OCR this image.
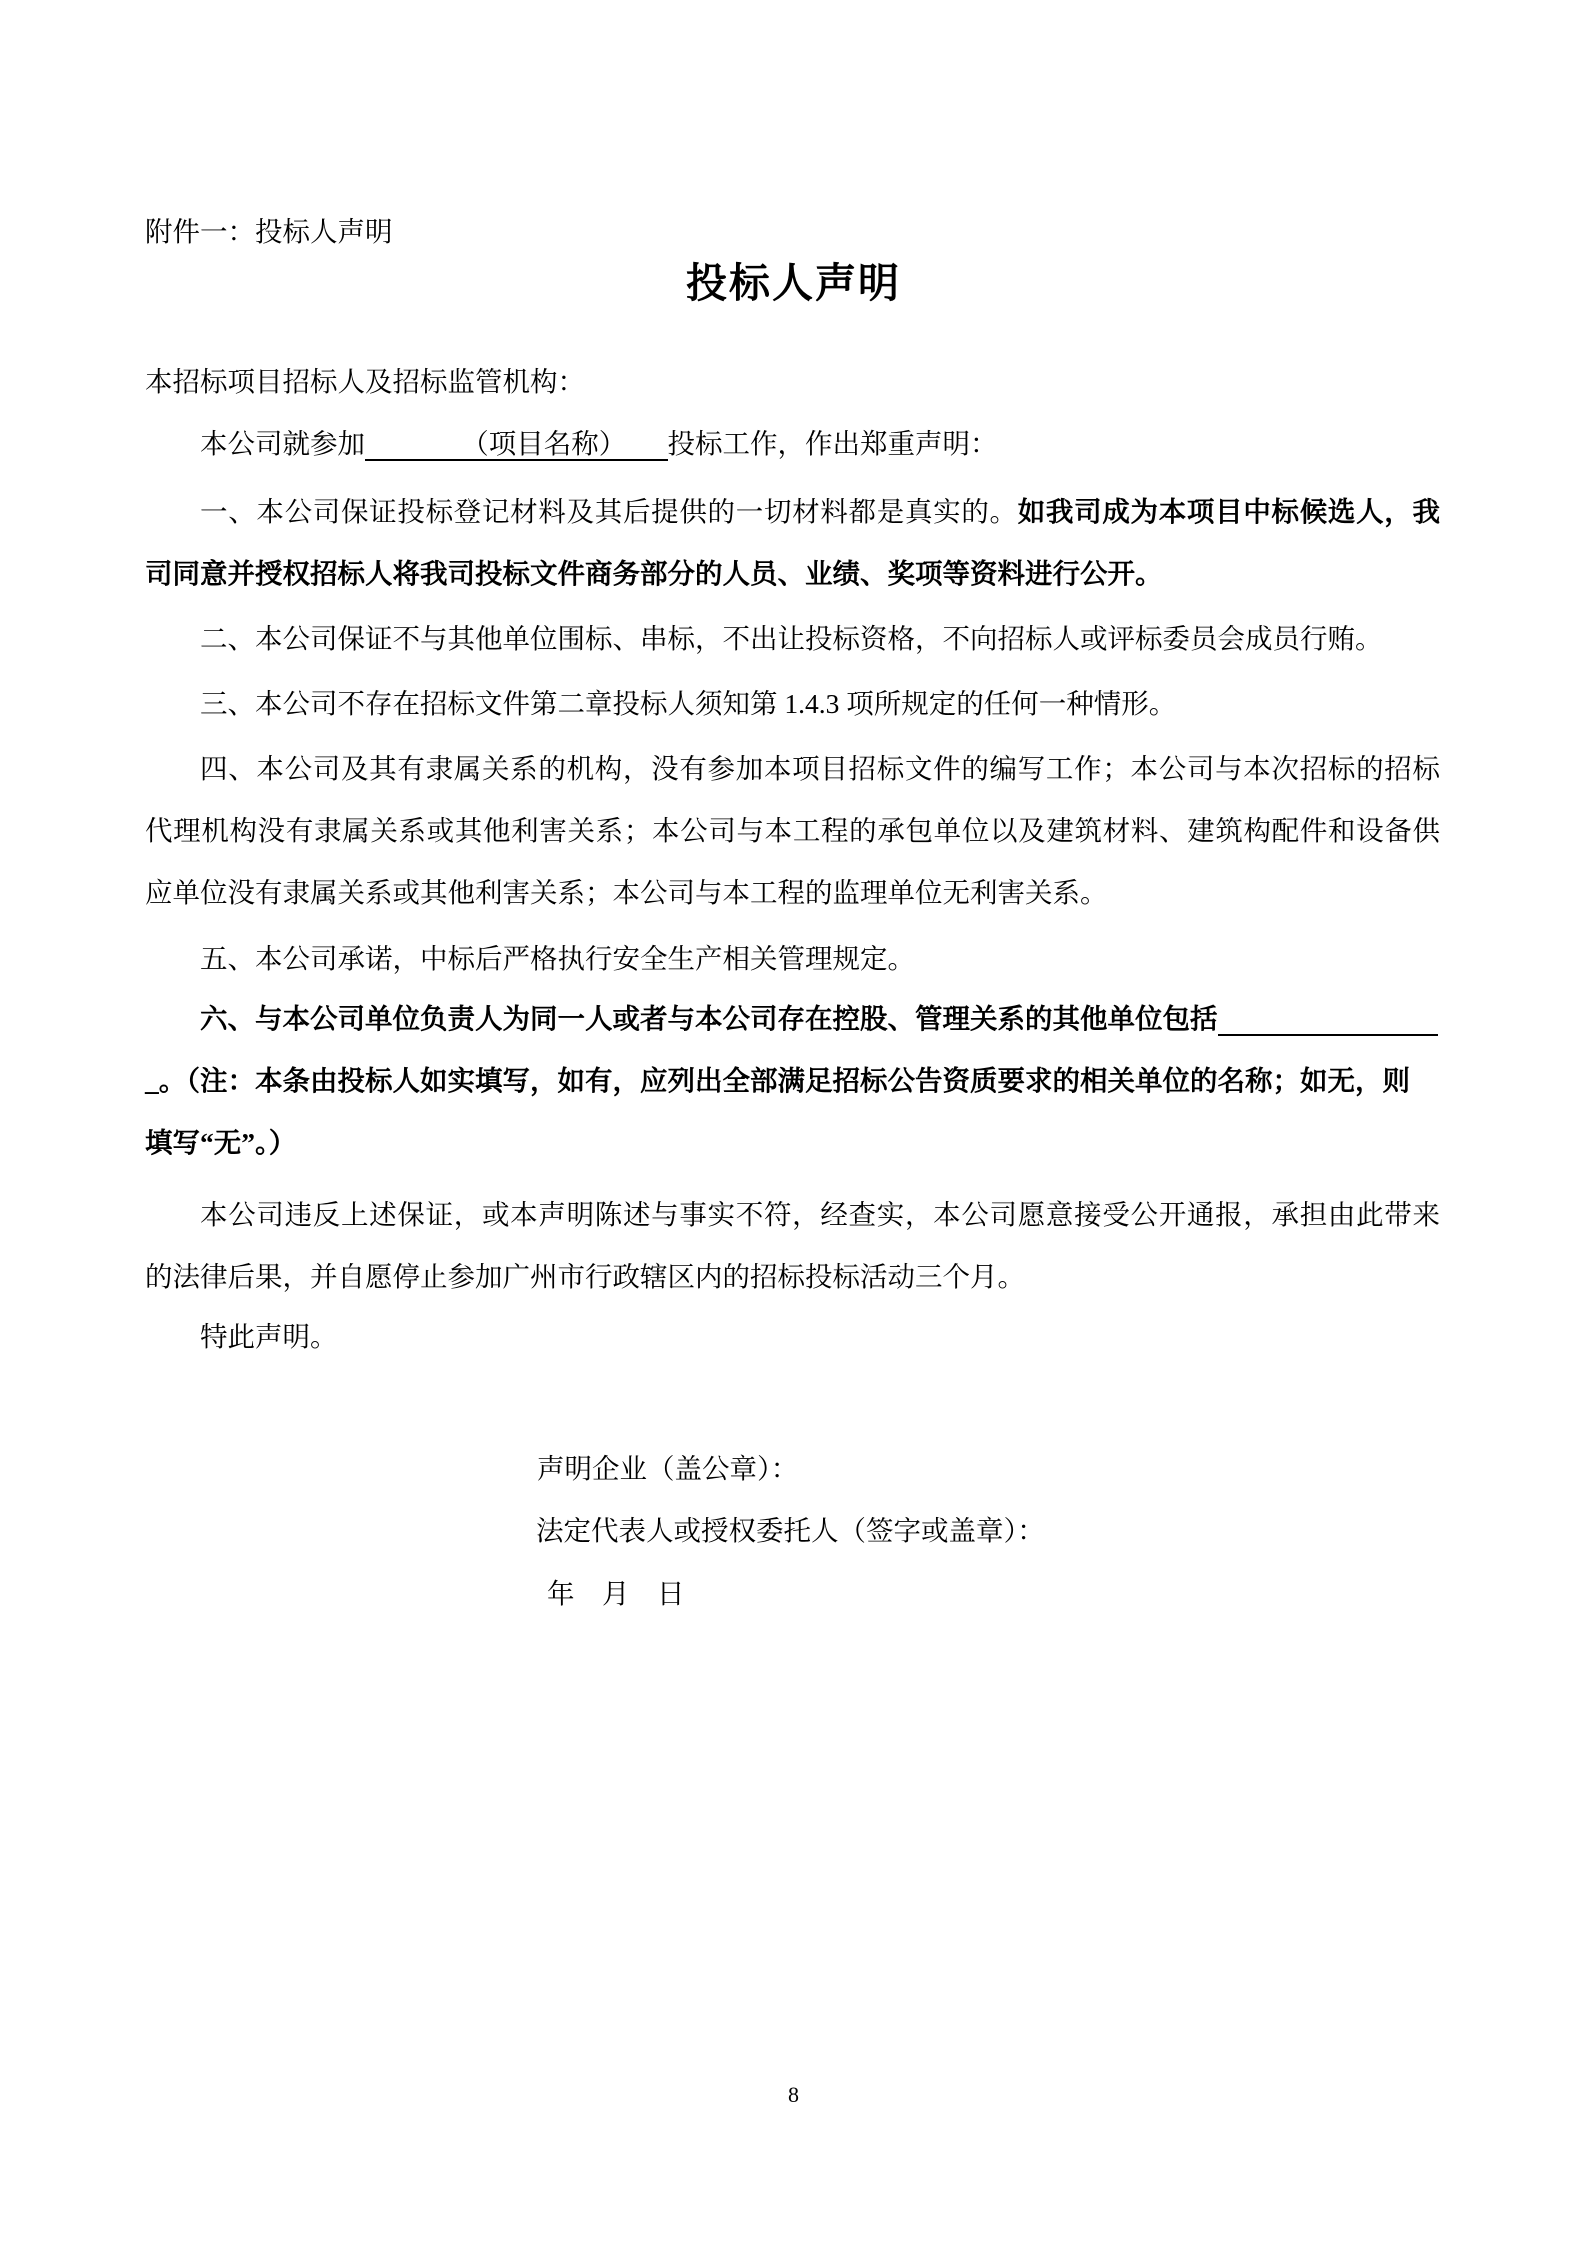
投标人声明
附件一：投标人声明
本招标项目招标人及招标监管机构：
本公司就参加　　　　（项目名称）　　投标工作，作出郑重声明：
一、本公司保证投标登记材料及其后提供的一切材料都是真实的。如我司成为本项目中标候选人，我
司同意并授权招标人将我司投标文件商务部分的人员、业绩、奖项等资料进行公开。
二、本公司保证不与其他单位围标、串标，不出让投标资格，不向招标人或评标委员会成员行贿。
三、本公司不存在招标文件第二章投标人须知第 1.4.3 项所规定的任何一种情形。
四、本公司及其有隶属关系的机构，没有参加本项目招标文件的编写工作；本公司与本次招标的招标
代理机构没有隶属关系或其他利害关系；本公司与本工程的承包单位以及建筑材料、建筑构配件和设备供
应单位没有隶属关系或其他利害关系；本公司与本工程的监理单位无利害关系。
五、本公司承诺，中标后严格执行安全生产相关管理规定。
六、与本公司单位负责人为同一人或者与本公司存在控股、管理关系的其他单位包括　　　　　　　　
_。（注：本条由投标人如实填写，如有，应列出全部满足招标公告资质要求的相关单位的名称；如无，则
填写“无”。）
本公司违反上述保证，或本声明陈述与事实不符，经查实，本公司愿意接受公开通报，承担由此带来
的法律后果，并自愿停止参加广州市行政辖区内的招标投标活动三个月。
特此声明。
声明企业（盖公章）：
法定代表人或授权委托人（签字或盖章）：
年　月　日
8
